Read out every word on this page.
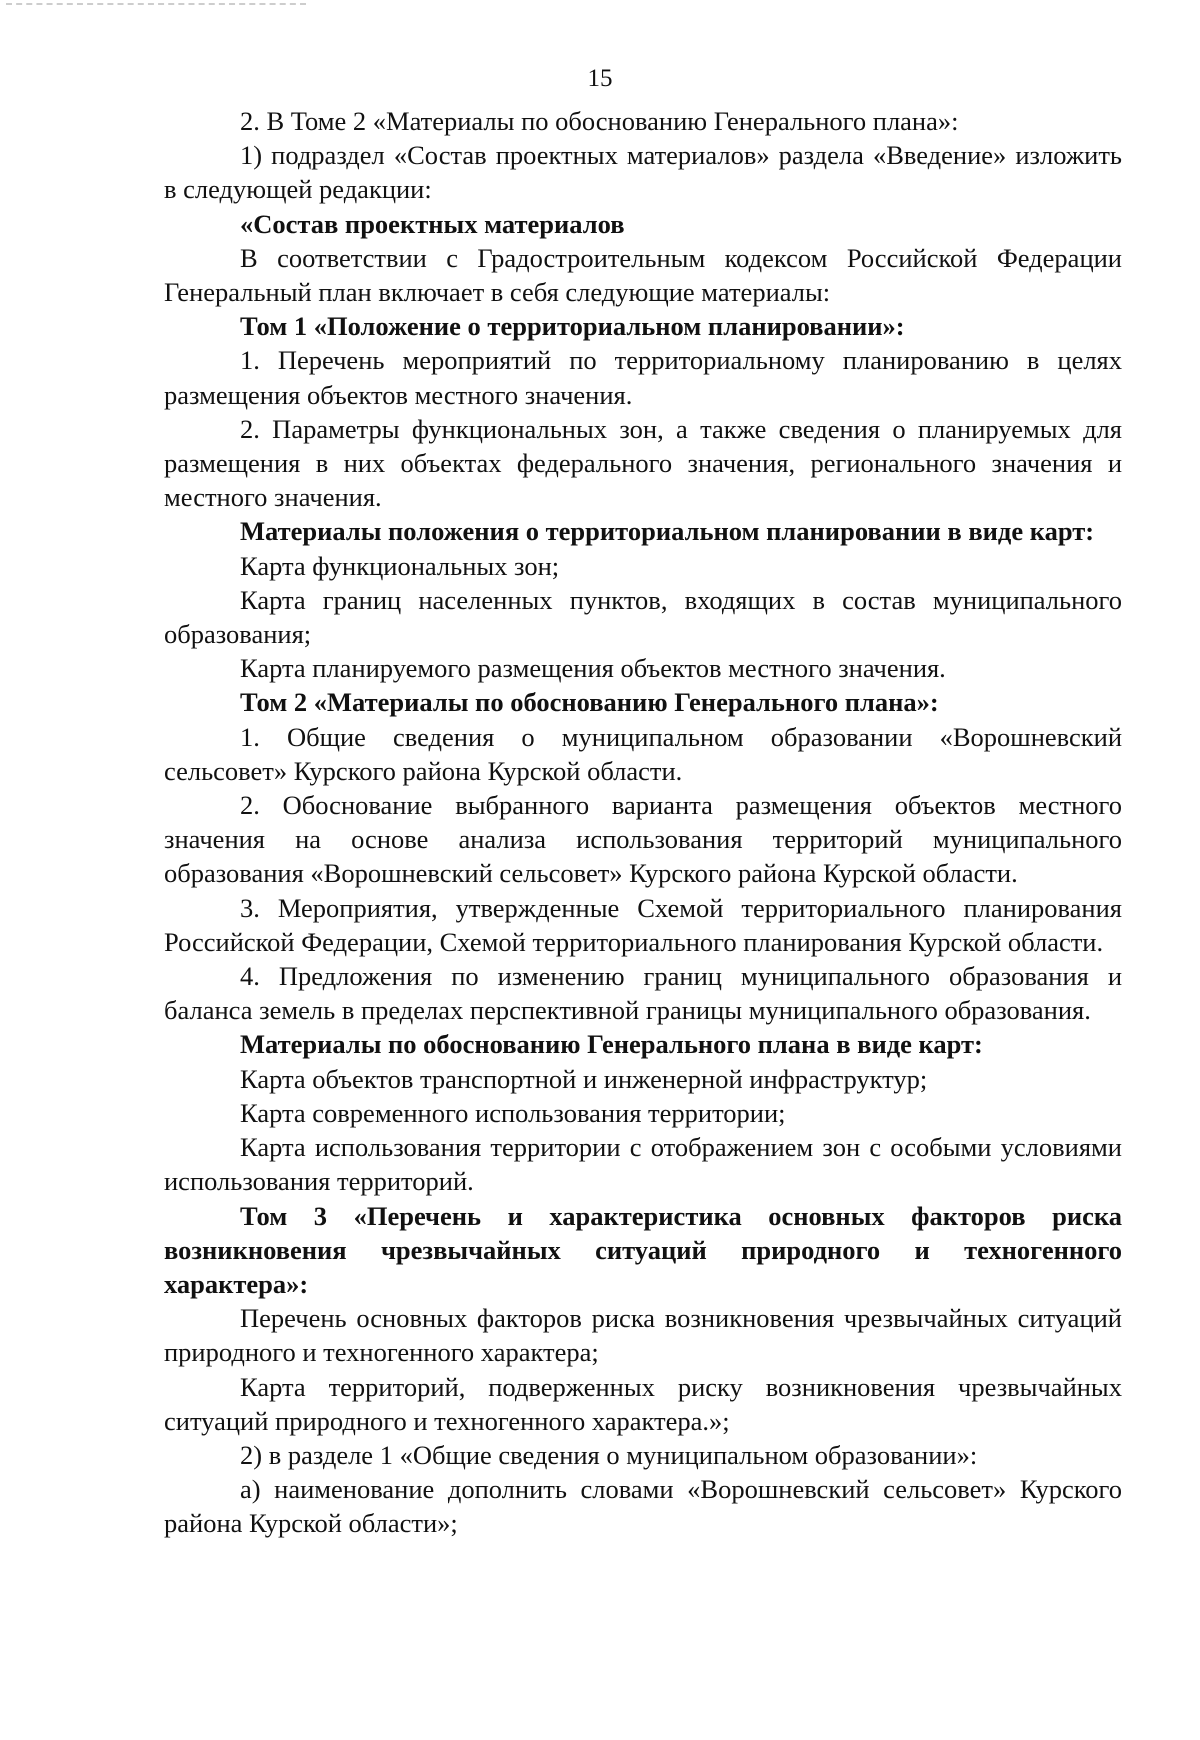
15

2. В Томе 2 «Материалы по обоснованию Генерального плана»:

1) подраздел «Состав проектных материалов» раздела «Введение» изложить в следующей редакции:

«Состав проектных материалов

В соответствии с Градостроительным кодексом Российской Федерации Генеральный план включает в себя следующие материалы:

Том 1 «Положение о территориальном планировании»:

1. Перечень мероприятий по территориальному планированию в целях размещения объектов местного значения.

2. Параметры функциональных зон, а также сведения о планируемых для размещения в них объектах федерального значения, регионального значения и местного значения.

Материалы положения о территориальном планировании в виде карт:

Карта функциональных зон;

Карта границ населенных пунктов, входящих в состав муниципального образования;

Карта планируемого размещения объектов местного значения.

Том 2 «Материалы по обоснованию Генерального плана»:

1. Общие сведения о муниципальном образовании «Ворошневский сельсовет» Курского района Курской области.

2. Обоснование выбранного варианта размещения объектов местного значения на основе анализа использования территорий муниципального образования «Ворошневский сельсовет» Курского района Курской области.

3. Мероприятия, утвержденные Схемой территориального планирования Российской Федерации, Схемой территориального планирования Курской области.

4. Предложения по изменению границ муниципального образования и баланса земель в пределах перспективной границы муниципального образования.

Материалы по обоснованию Генерального плана в виде карт:

Карта объектов транспортной и инженерной инфраструктур;

Карта современного использования территории;

Карта использования территории с отображением зон с особыми условиями использования территорий.

Том 3 «Перечень и характеристика основных факторов риска возникновения чрезвычайных ситуаций природного и техногенного характера»:

Перечень основных факторов риска возникновения чрезвычайных ситуаций природного и техногенного характера;

Карта территорий, подверженных риску возникновения чрезвычайных ситуаций природного и техногенного характера.»;

2) в разделе 1 «Общие сведения о муниципальном образовании»:

а) наименование дополнить словами «Ворошневский сельсовет» Курского района Курской области»;
